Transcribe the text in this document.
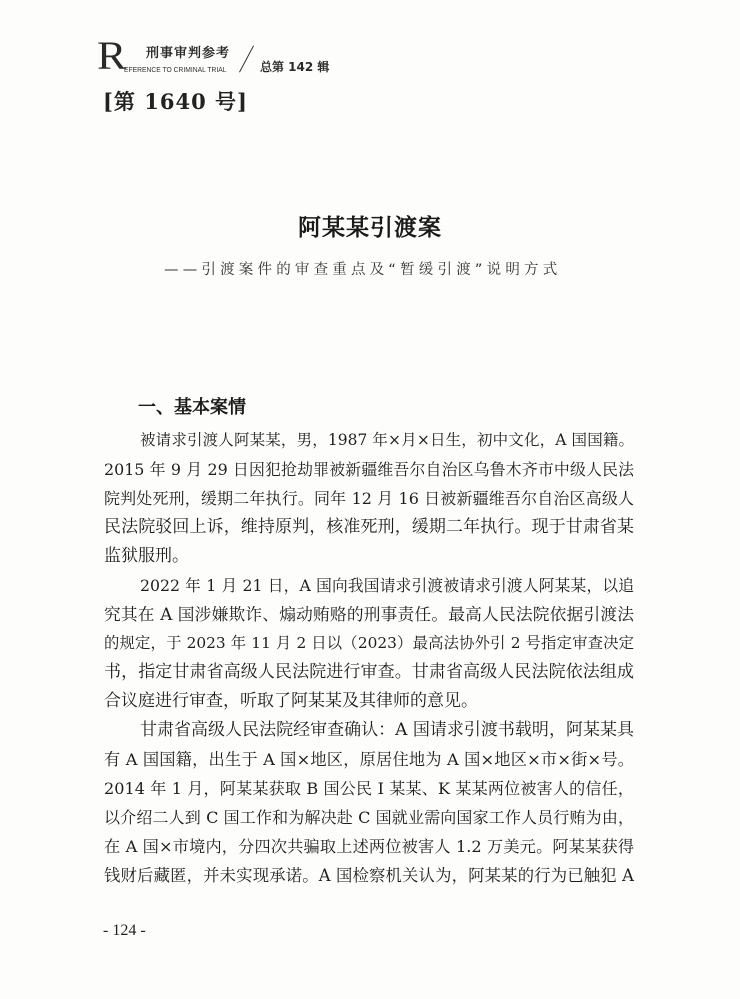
R 刑事审判参考
EFERENCE TO CRIMINAL TRIAL	总第 142 辑
[第 1640 号]
阿某某引渡案
——引渡案件的审查重点及“暂缓引渡”说明方式
一、基本案情
被请求引渡人阿某某，男，1987 年×月×日生，初中文化，A 国国籍。
2015 年 9 月 29 日因犯抢劫罪被新疆维吾尔自治区乌鲁木齐市中级人民法
院判处死刑，缓期二年执行。同年 12 月 16 日被新疆维吾尔自治区高级人
民法院驳回上诉，维持原判，核准死刑，缓期二年执行。现于甘肃省某
监狱服刑。
2022 年 1 月 21 日，A 国向我国请求引渡被请求引渡人阿某某，以追
究其在 A 国涉嫌欺诈、煽动贿赂的刑事责任。最高人民法院依据引渡法
的规定，于 2023 年 11 月 2 日以（2023）最高法协外引 2 号指定审查决定
书，指定甘肃省高级人民法院进行审查。甘肃省高级人民法院依法组成
合议庭进行审查，听取了阿某某及其律师的意见。
甘肃省高级人民法院经审查确认：A 国请求引渡书载明，阿某某具
有 A 国国籍，出生于 A 国×地区，原居住地为 A 国×地区×市×街×号。
2014 年 1 月，阿某某获取 B 国公民 I 某某、K 某某两位被害人的信任，
以介绍二人到 C 国工作和为解决赴 C 国就业需向国家工作人员行贿为由，
在 A 国×市境内，分四次共骗取上述两位被害人 1.2 万美元。阿某某获得
钱财后藏匿，并未实现承诺。A 国检察机关认为，阿某某的行为已触犯 A
- 124 -
